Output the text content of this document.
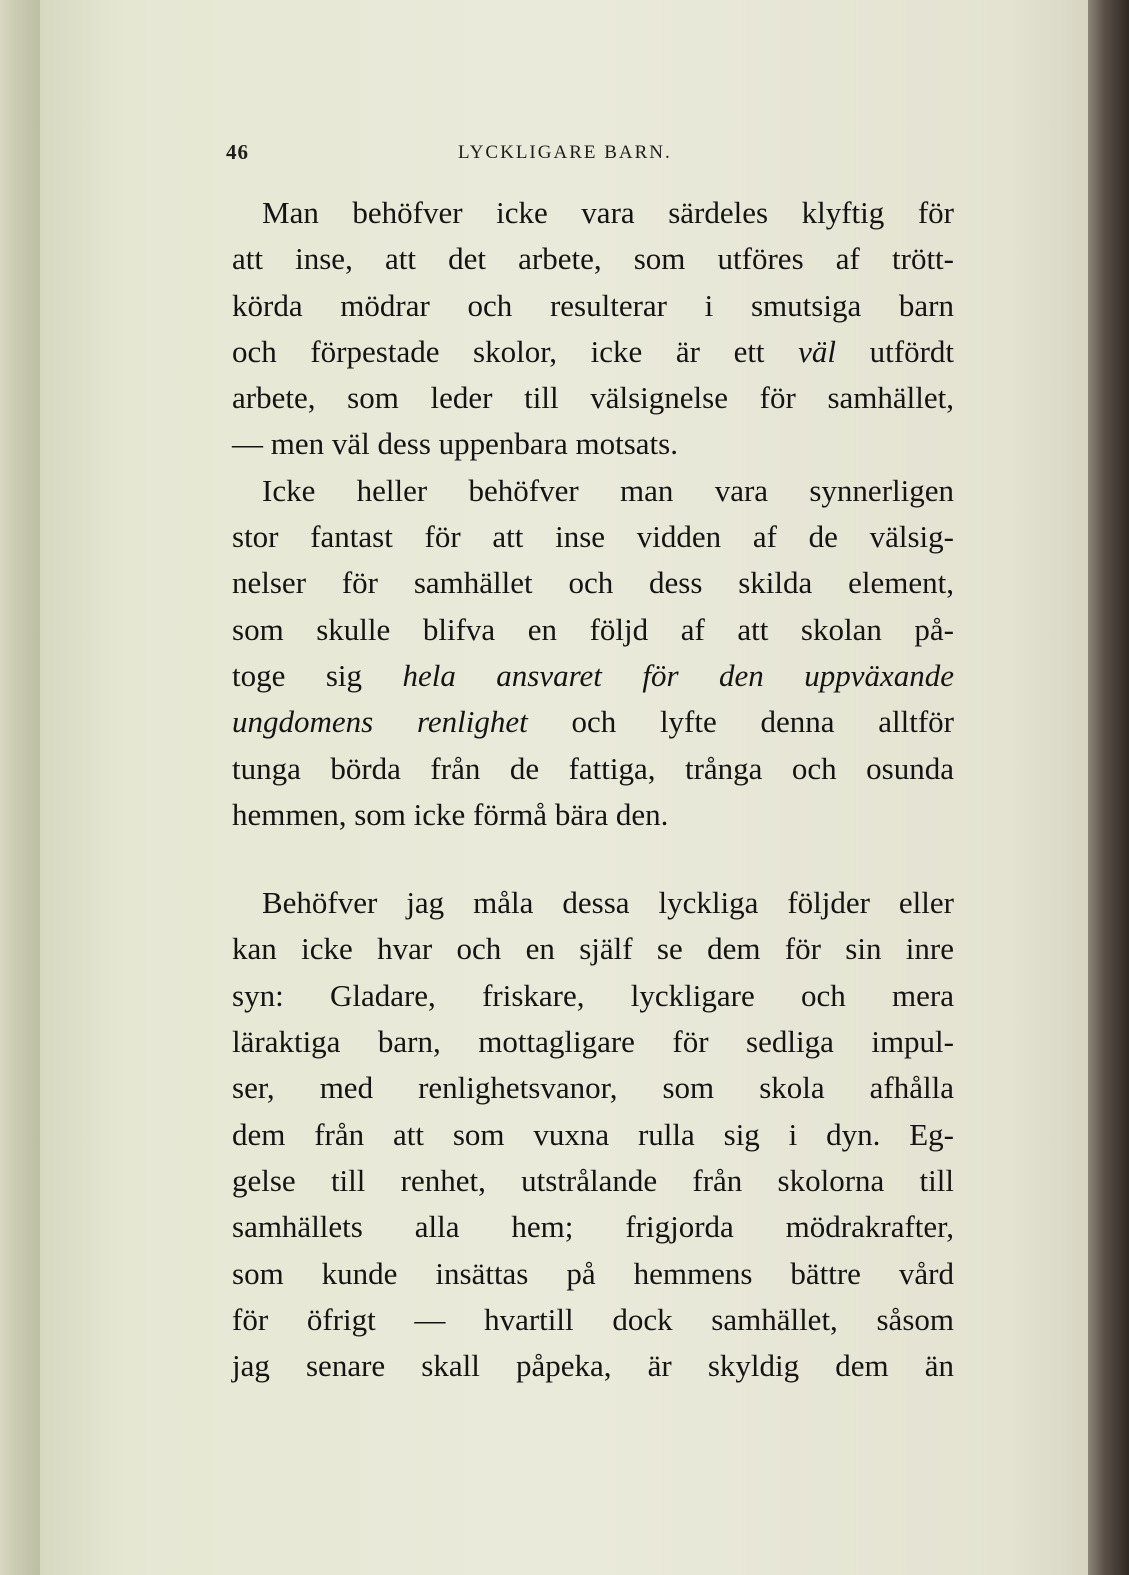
46	LYCKLIGARE BARN.
Man behöfver icke vara särdeles klyftig för
att inse, att det arbete, som utföres af trött-
körda mödrar och resulterar i smutsiga barn
och förpestade skolor, icke är ett väl utfördt
arbete, som leder till välsignelse för samhället,
— men väl dess uppenbara motsats.
Icke heller behöfver man vara synnerligen
stor fantast för att inse vidden af de välsig-
nelser för samhället och dess skilda element,
som skulle blifva en följd af att skolan på-
toge sig hela ansvaret för den uppväxande
ungdomens renlighet och lyfte denna alltför
tunga börda från de fattiga, trånga och osunda
hemmen, som icke förmå bära den.
Behöfver jag måla dessa lyckliga följder eller
kan icke hvar och en själf se dem för sin inre
syn: Gladare, friskare, lyckligare och mera
läraktiga barn, mottagligare för sedliga impul-
ser, med renlighetsvanor, som skola afhålla
dem från att som vuxna rulla sig i dyn. Eg-
gelse till renhet, utstrålande från skolorna till
samhällets alla hem; frigjorda mödrakrafter,
som kunde insättas på hemmens bättre vård
för öfrigt — hvartill dock samhället, såsom
jag senare skall påpeka, är skyldig dem än
